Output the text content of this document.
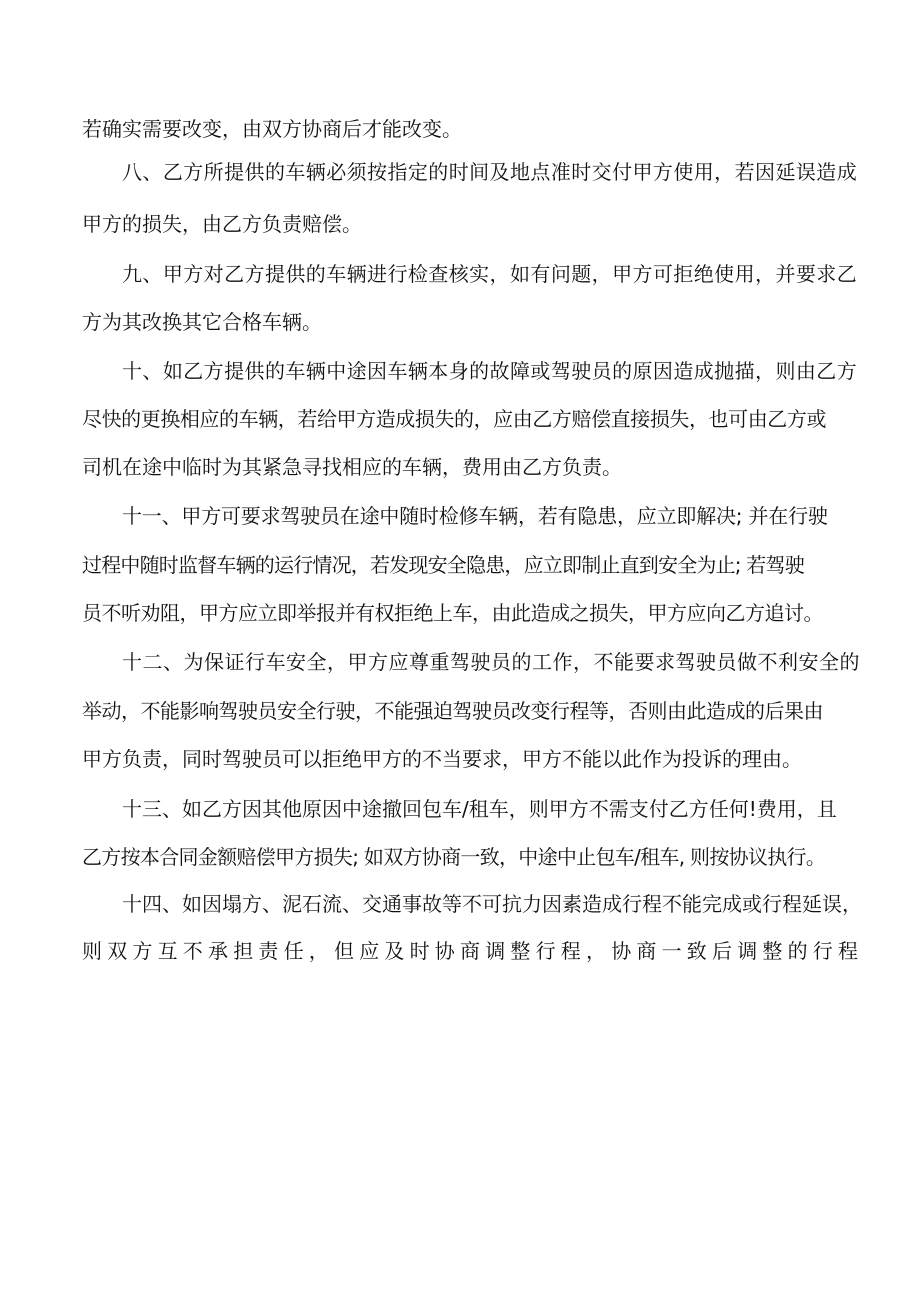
若确实需要改变，由双方协商后才能改变。

八、乙方所提供的车辆必须按指定的时间及地点准时交付甲方使用，若因延误造成

甲方的损失，由乙方负责赔偿。

九、甲方对乙方提供的车辆进行检查核实，如有问题，甲方可拒绝使用，并要求乙

方为其改换其它合格车辆。

十、如乙方提供的车辆中途因车辆本身的故障或驾驶员的原因造成抛描，则由乙方

尽快的更换相应的车辆，若给甲方造成损失的，应由乙方赔偿直接损失，也可由乙方或

司机在途中临时为其紧急寻找相应的车辆，费用由乙方负责。

十一、甲方可要求驾驶员在途中随时检修车辆，若有隐患，应立即解决; 并在行驶

过程中随时监督车辆的运行情况，若发现安全隐患，应立即制止直到安全为止; 若驾驶

员不听劝阻，甲方应立即举报并有权拒绝上车，由此造成之损失，甲方应向乙方追讨。

十二、为保证行车安全，甲方应尊重驾驶员的工作，不能要求驾驶员做不利安全的

举动，不能影响驾驶员安全行驶，不能强迫驾驶员改变行程等，否则由此造成的后果由

甲方负责，同时驾驶员可以拒绝甲方的不当要求，甲方不能以此作为投诉的理由。

十三、如乙方因其他原因中途撤回包车/租车，则甲方不需支付乙方任何!费用，且

乙方按本合同金额赔偿甲方损失; 如双方协商一致，中途中止包车/租车, 则按协议执行。

十四、如因塌方、泥石流、交通事故等不可抗力因素造成行程不能完成或行程延误，

则双方互不承担责任，但应及时协商调整行程，协商一致后调整的行程
